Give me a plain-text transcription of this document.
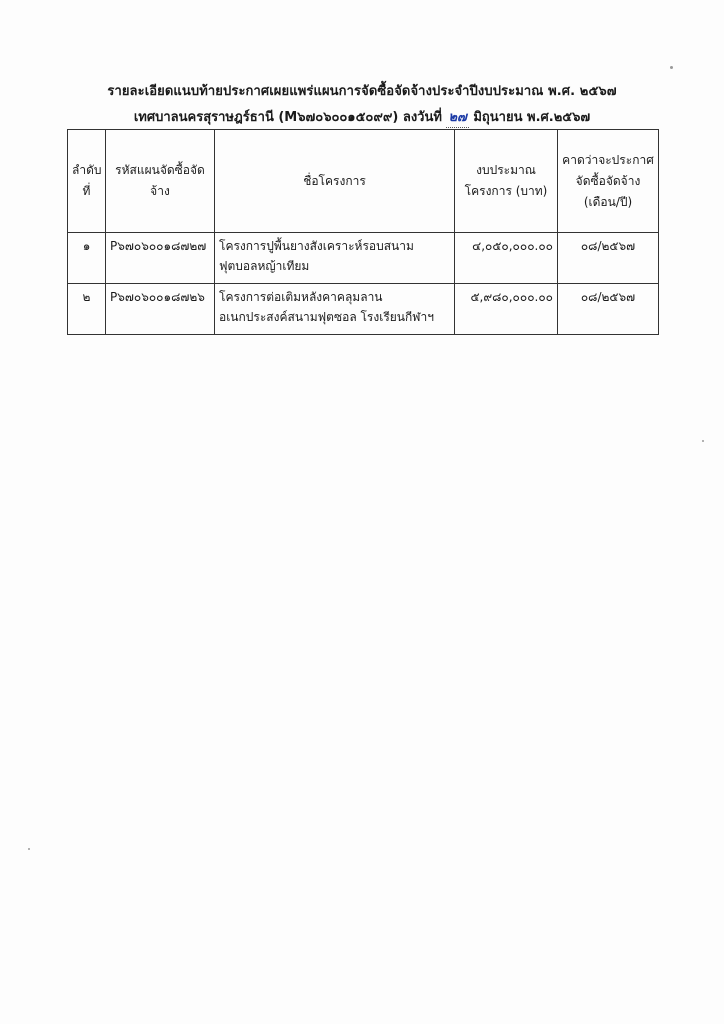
รายละเอียดแนบท้ายประกาศเผยแพร่แผนการจัดซื้อจัดจ้างประจำปีงบประมาณ พ.ศ. ๒๕๖๗
เทศบาลนครสุราษฎร์ธานี (M๖๗๐๖๐๐๑๕๐๙๙) ลงวันที่ ๒๗ มิถุนายน พ.ศ.๒๕๖๗
ลำดับที่	รหัสแผนจัดซื้อจัดจ้าง	ชื่อโครงการ	งบประมาณโครงการ (บาท)	คาดว่าจะประกาศจัดซื้อจัดจ้าง (เดือน/ปี)
๑	P๖๗๐๖๐๐๑๘๗๒๗	โครงการปูพื้นยางสังเคราะห์รอบสนามฟุตบอลหญ้าเทียม	๔,๐๕๐,๐๐๐.๐๐	๐๘/๒๕๖๗
๒	P๖๗๐๖๐๐๑๘๗๒๖	โครงการต่อเติมหลังคาคลุมลานอเนกประสงค์สนามฟุตซอล โรงเรียนกีฬาฯ	๕,๙๘๐,๐๐๐.๐๐	๐๘/๒๕๖๗
